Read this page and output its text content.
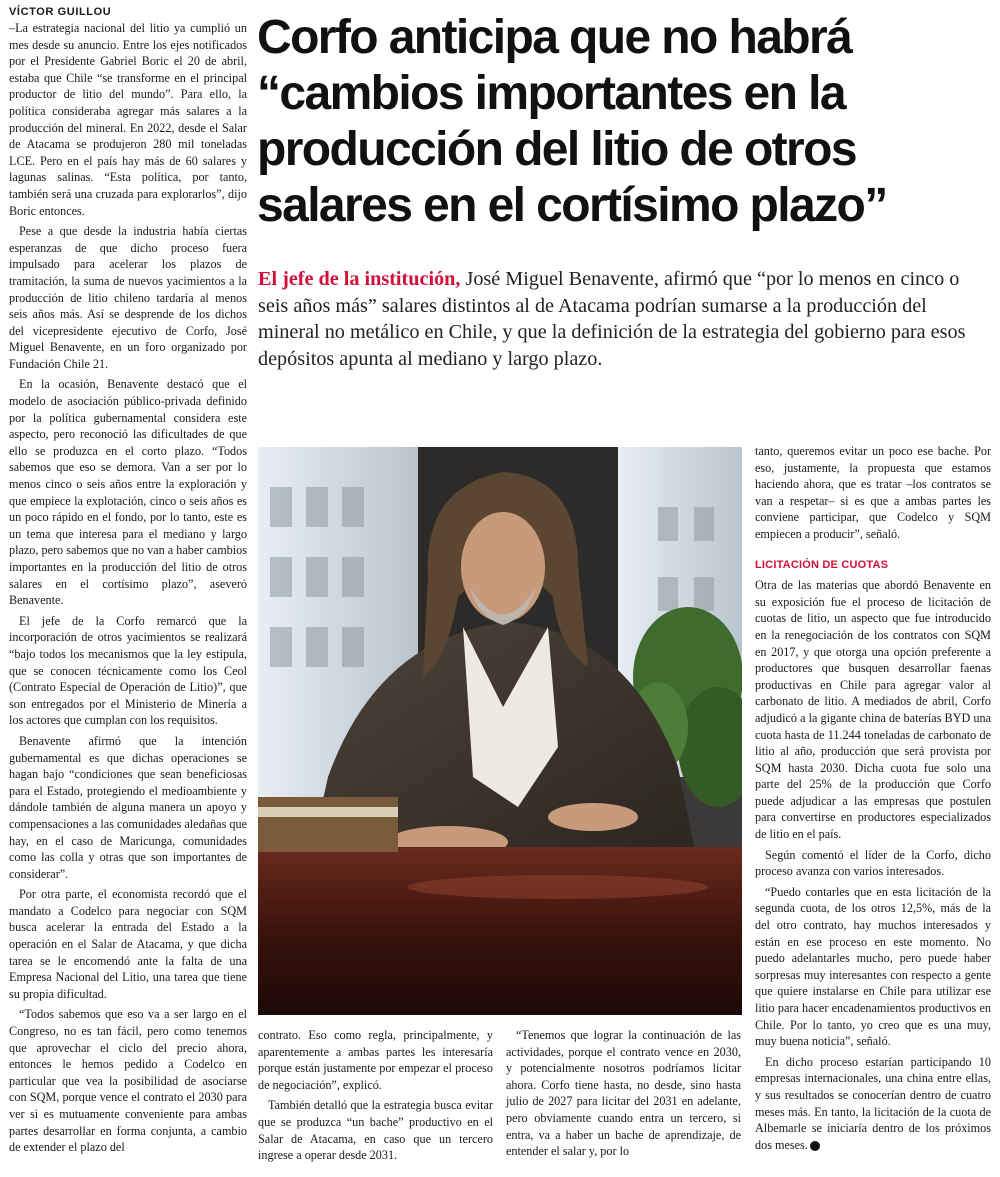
VÍCTOR GUILLOU

–La estrategia nacional del litio ya cumplió un mes desde su anuncio. Entre los ejes notificados por el Presidente Gabriel Boric el 20 de abril, estaba que Chile “se transforme en el principal productor de litio del mundo”. Para ello, la política consideraba agregar más salares a la producción del mineral. En 2022, desde el Salar de Atacama se produjeron 280 mil toneladas LCE. Pero en el país hay más de 60 salares y lagunas salinas. “Esta política, por tanto, también será una cruzada para explorarlos”, dijo Boric entonces.

Pese a que desde la industria había ciertas esperanzas de que dicho proceso fuera impulsado para acelerar los plazos de tramitación, la suma de nuevos yacimientos a la producción de litio chileno tardaría al menos seis años más. Así se desprende de los dichos del vicepresidente ejecutivo de Corfo, José Miguel Benavente, en un foro organizado por Fundación Chile 21.

En la ocasión, Benavente destacó que el modelo de asociación público-privada definido por la política gubernamental considera este aspecto, pero reconoció las dificultades de que ello se produzca en el corto plazo. “Todos sabemos que eso se demora. Van a ser por lo menos cinco o seis años entre la exploración y que empiece la explotación, cinco o seis años es un poco rápido en el fondo, por lo tanto, este es un tema que interesa para el mediano y largo plazo, pero sabemos que no van a haber cambios importantes en la producción del litio de otros salares en el cortísimo plazo”, aseveró Benavente.

El jefe de la Corfo remarcó que la incorporación de otros yacimientos se realizará “bajo todos los mecanismos que la ley estipula, que se conocen técnicamente como los Ceol (Contrato Especial de Operación de Litio)”, que son entregados por el Ministerio de Minería a los actores que cumplan con los requisitos.

Benavente afirmó que la intención gubernamental es que dichas operaciones se hagan bajo “condiciones que sean beneficiosas para el Estado, protegiendo el medioambiente y dándole también de alguna manera un apoyo y compensaciones a las comunidades aledañas que hay, en el caso de Maricunga, comunidades como las colla y otras que son importantes de considerar”.

Por otra parte, el economista recordó que el mandato a Codelco para negociar con SQM busca acelerar la entrada del Estado a la operación en el Salar de Atacama, y que dicha tarea se le encomendó ante la falta de una Empresa Nacional del Litio, una tarea que tiene su propia dificultad.

“Todos sabemos que eso va a ser largo en el Congreso, no es tan fácil, pero como tenemos que aprovechar el ciclo del precio ahora, entonces le hemos pedido a Codelco en particular que vea la posibilidad de asociarse con SQM, porque vence el contrato el 2030 para ver si es mutuamente conveniente para ambas partes desarrollar en forma conjunta, a cambio de extender el plazo del

Corfo anticipa que no habrá “cambios importantes en la producción del litio de otros salares en el cortísimo plazo”
El jefe de la institución, José Miguel Benavente, afirmó que “por lo menos en cinco o seis años más” salares distintos al de Atacama podrían sumarse a la producción del mineral no metálico en Chile, y que la definición de la estrategia del gobierno para esos depósitos apunta al mediano y largo plazo.

contrato. Eso como regla, principalmente, y aparentemente a ambas partes les interesaría porque están justamente por empezar el proceso de negociación”, explicó.

También detalló que la estrategia busca evitar que se produzca “un bache” productivo en el Salar de Atacama, en caso que un tercero ingrese a operar desde 2031.

“Tenemos que lograr la continuación de las actividades, porque el contrato vence en 2030, y potencialmente nosotros podríamos licitar ahora. Corfo tiene hasta, no desde, sino hasta julio de 2027 para licitar del 2031 en adelante, pero obviamente cuando entra un tercero, si entra, va a haber un bache de aprendizaje, de entender el salar y, por lo

tanto, queremos evitar un poco ese bache. Por eso, justamente, la propuesta que estamos haciendo ahora, que es tratar –los contratos se van a respetar– si es que a ambas partes les conviene participar, que Codelco y SQM empiecen a producir”, señaló.

LICITACIÓN DE CUOTAS

Otra de las materias que abordó Benavente en su exposición fue el proceso de licitación de cuotas de litio, un aspecto que fue introducido en la renegociación de los contratos con SQM en 2017, y que otorga una opción preferente a productores que busquen desarrollar faenas productivas en Chile para agregar valor al carbonato de litio. A mediados de abril, Corfo adjudicó a la gigante china de baterías BYD una cuota hasta de 11.244 toneladas de carbonato de litio al año, producción que será provista por SQM hasta 2030. Dicha cuota fue solo una parte del 25% de la producción que Corfo puede adjudicar a las empresas que postulen para convertirse en productores especializados de litio en el país.

Según comentó el líder de la Corfo, dicho proceso avanza con varios interesados.

“Puedo contarles que en esta licitación de la segunda cuota, de los otros 12,5%, más de la del otro contrato, hay muchos interesados y están en ese proceso en este momento. No puedo adelantarles mucho, pero puede haber sorpresas muy interesantes con respecto a gente que quiere instalarse en Chile para utilizar ese litio para hacer encadenamientos productivos en Chile. Por lo tanto, yo creo que es una muy, muy buena noticia”, señaló.

En dicho proceso estarían participando 10 empresas internacionales, una china entre ellas, y sus resultados se conocerían dentro de cuatro meses más. En tanto, la licitación de la cuota de Albemarle se iniciaría dentro de los próximos dos meses. P
